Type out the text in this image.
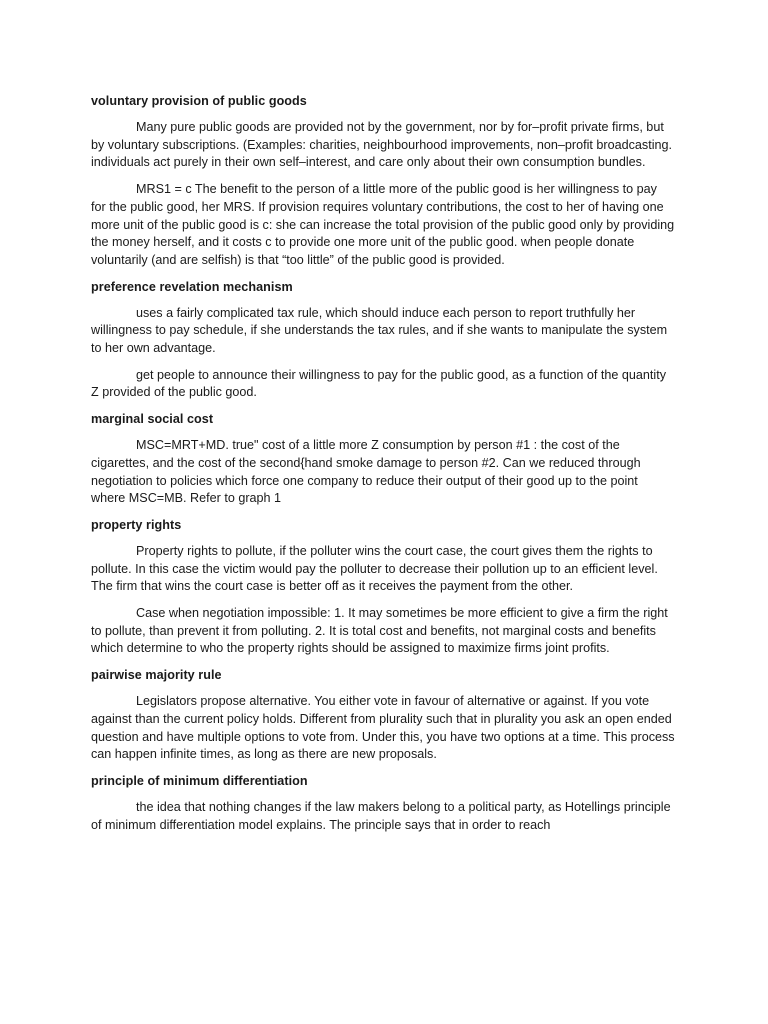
voluntary provision of public goods

Many pure public goods are provided not by the government, nor by for–profit private firms, but by voluntary subscriptions. (Examples: charities, neighbourhood improvements, non–profit broadcasting. individuals act purely in their own self–interest, and care only about their own consumption bundles.

MRS1 = c The benefit to the person of a little more of the public good is her willingness to pay for the public good, her MRS. If provision requires voluntary contributions, the cost to her of having one more unit of the public good is c: she can increase the total provision of the public good only by providing the money herself, and it costs c to provide one more unit of the public good. when people donate voluntarily (and are selfish) is that “too little” of the public good is provided.

preference revelation mechanism

uses a fairly complicated tax rule, which should induce each person to report truthfully her willingness to pay schedule, if she understands the tax rules, and if she wants to manipulate the system to her own advantage.

get people to announce their willingness to pay for the public good, as a function of the quantity Z provided of the public good.

marginal social cost

MSC=MRT+MD. true" cost of a little more Z consumption by person #1 : the cost of the cigarettes, and the cost of the second{hand smoke damage to person #2. Can we reduced through negotiation to policies which force one company to reduce their output of their good up to the point where MSC=MB. Refer to graph 1

property rights

Property rights to pollute, if the polluter wins the court case, the court gives them the rights to pollute. In this case the victim would pay the polluter to decrease their pollution up to an efficient level. The firm that wins the court case is better off as it receives the payment from the other.

Case when negotiation impossible: 1. It may sometimes be more efficient to give a firm the right to pollute, than prevent it from polluting. 2. It is total cost and benefits, not marginal costs and benefits which determine to who the property rights should be assigned to maximize firms joint profits.

pairwise majority rule

Legislators propose alternative. You either vote in favour of alternative or against. If you vote against than the current policy holds. Different from plurality such that in plurality you ask an open ended question and have multiple options to vote from. Under this, you have two options at a time. This process can happen infinite times, as long as there are new proposals.

principle of minimum differentiation

the idea that nothing changes if the law makers belong to a political party, as Hotellings principle of minimum differentiation model explains. The principle says that in order to reach
